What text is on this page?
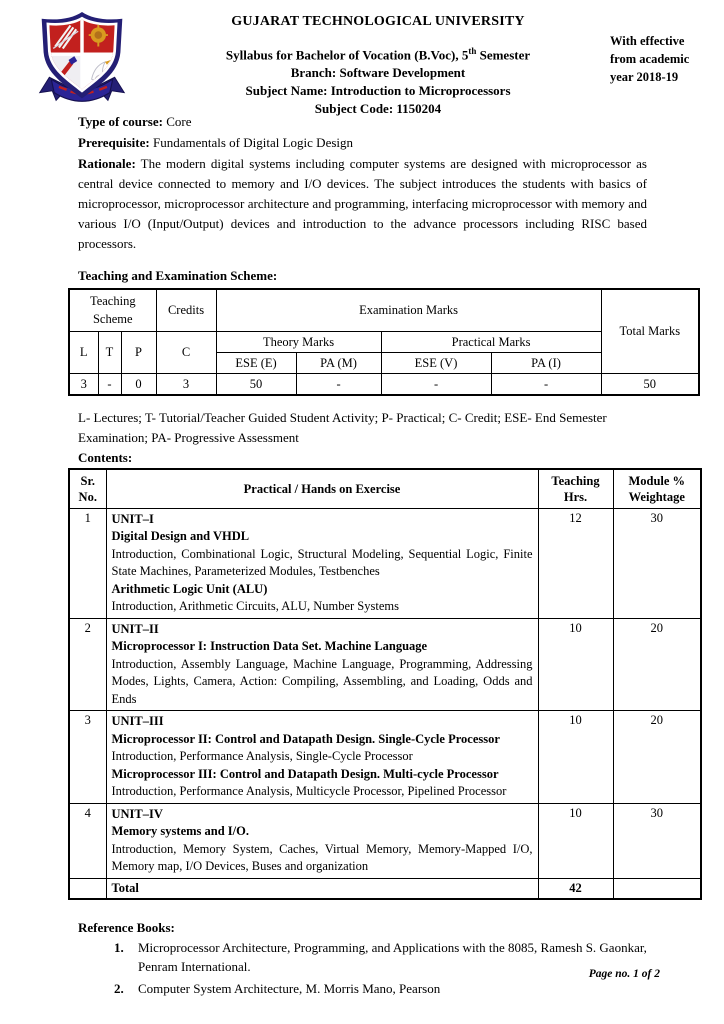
GUJARAT TECHNOLOGICAL UNIVERSITY
Syllabus for Bachelor of Vocation (B.Voc), 5th Semester
Branch: Software Development
Subject Name: Introduction to Microprocessors
Subject Code: 1150204
With effective from academic year 2018-19

Type of course: Core

Prerequisite: Fundamentals of Digital Logic Design

Rationale: The modern digital systems including computer systems are designed with microprocessor as central device connected to memory and I/O devices. The subject introduces the students with basics of microprocessor, microprocessor architecture and programming, interfacing microprocessor with memory and various I/O (Input/Output) devices and introduction to the advance processors including RISC based processors.

Teaching and Examination Scheme:

Teaching Scheme			Credits	Examination Marks				Total Marks
L	T	P	C	Theory Marks		Practical Marks		
				ESE (E)	PA (M)	ESE (V)	PA (I)	
3	-	0	3	50	-	-	-	50

L- Lectures; T- Tutorial/Teacher Guided Student Activity; P- Practical; C- Credit; ESE- End Semester Examination; PA- Progressive Assessment

Contents:

Sr. No.	Practical / Hands on Exercise	Teaching Hrs.	Module % Weightage
1	UNIT–I
Digital Design and VHDL
Introduction, Combinational Logic, Structural Modeling, Sequential Logic, Finite State Machines, Parameterized Modules, Testbenches
Arithmetic Logic Unit (ALU)
Introduction, Arithmetic Circuits, ALU, Number Systems	12	30
2	UNIT–II
Microprocessor I: Instruction Data Set. Machine Language
Introduction, Assembly Language, Machine Language, Programming, Addressing Modes, Lights, Camera, Action: Compiling, Assembling, and Loading, Odds and Ends	10	20
3	UNIT–III
Microprocessor II: Control and Datapath Design. Single-Cycle Processor
Introduction, Performance Analysis, Single-Cycle Processor
Microprocessor III: Control and Datapath Design. Multi-cycle Processor
Introduction, Performance Analysis, Multicycle Processor, Pipelined Processor	10	20
4	UNIT–IV
Memory systems and I/O.
Introduction, Memory System, Caches, Virtual Memory, Memory-Mapped I/O, Memory map, I/O Devices, Buses and organization	10	30
	Total	42	

Reference Books:

1.	Microprocessor Architecture, Programming, and Applications with the 8085, Ramesh S. Gaonkar, Penram International.
2.	Computer System Architecture, M. Morris Mano, Pearson
Page no. 1 of 2
